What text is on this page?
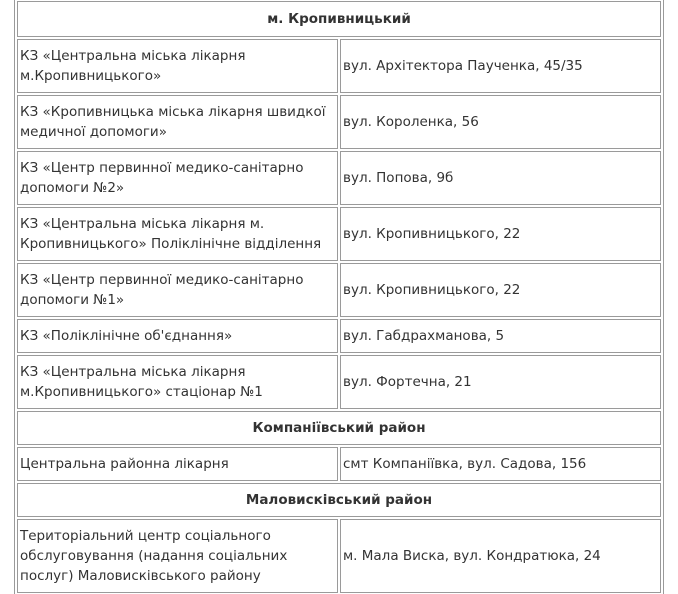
м. Кропивницький	
КЗ «Центральна міська лікарня м.Кропивницького»	вул. Архітектора Паученка, 45/35
КЗ «Кропивницька міська лікарня швидкої медичної допомоги»	вул. Короленка, 56
КЗ «Центр первинної медико-санітарно допомоги №2»	вул. Попова, 9б
КЗ «Центральна міська лікарня м. Кропивницького» Поліклінічне відділення	вул. Кропивницького, 22
КЗ «Центр первинної медико-санітарно допомоги №1»	вул. Кропивницького, 22
КЗ «Поліклінічне об'єднання»	вул. Габдрахманова, 5
КЗ «Центральна міська лікарня м.Кропивницького» стаціонар №1	вул. Фортечна, 21
Компаніївський район	
Центральна районна лікарня	смт Компаніївка, вул. Садова, 156
Маловисківський район	
Територіальний центр соціального обслуговування (надання соціальних послуг) Маловисківського району	м. Мала Виска, вул. Кондратюка, 24
